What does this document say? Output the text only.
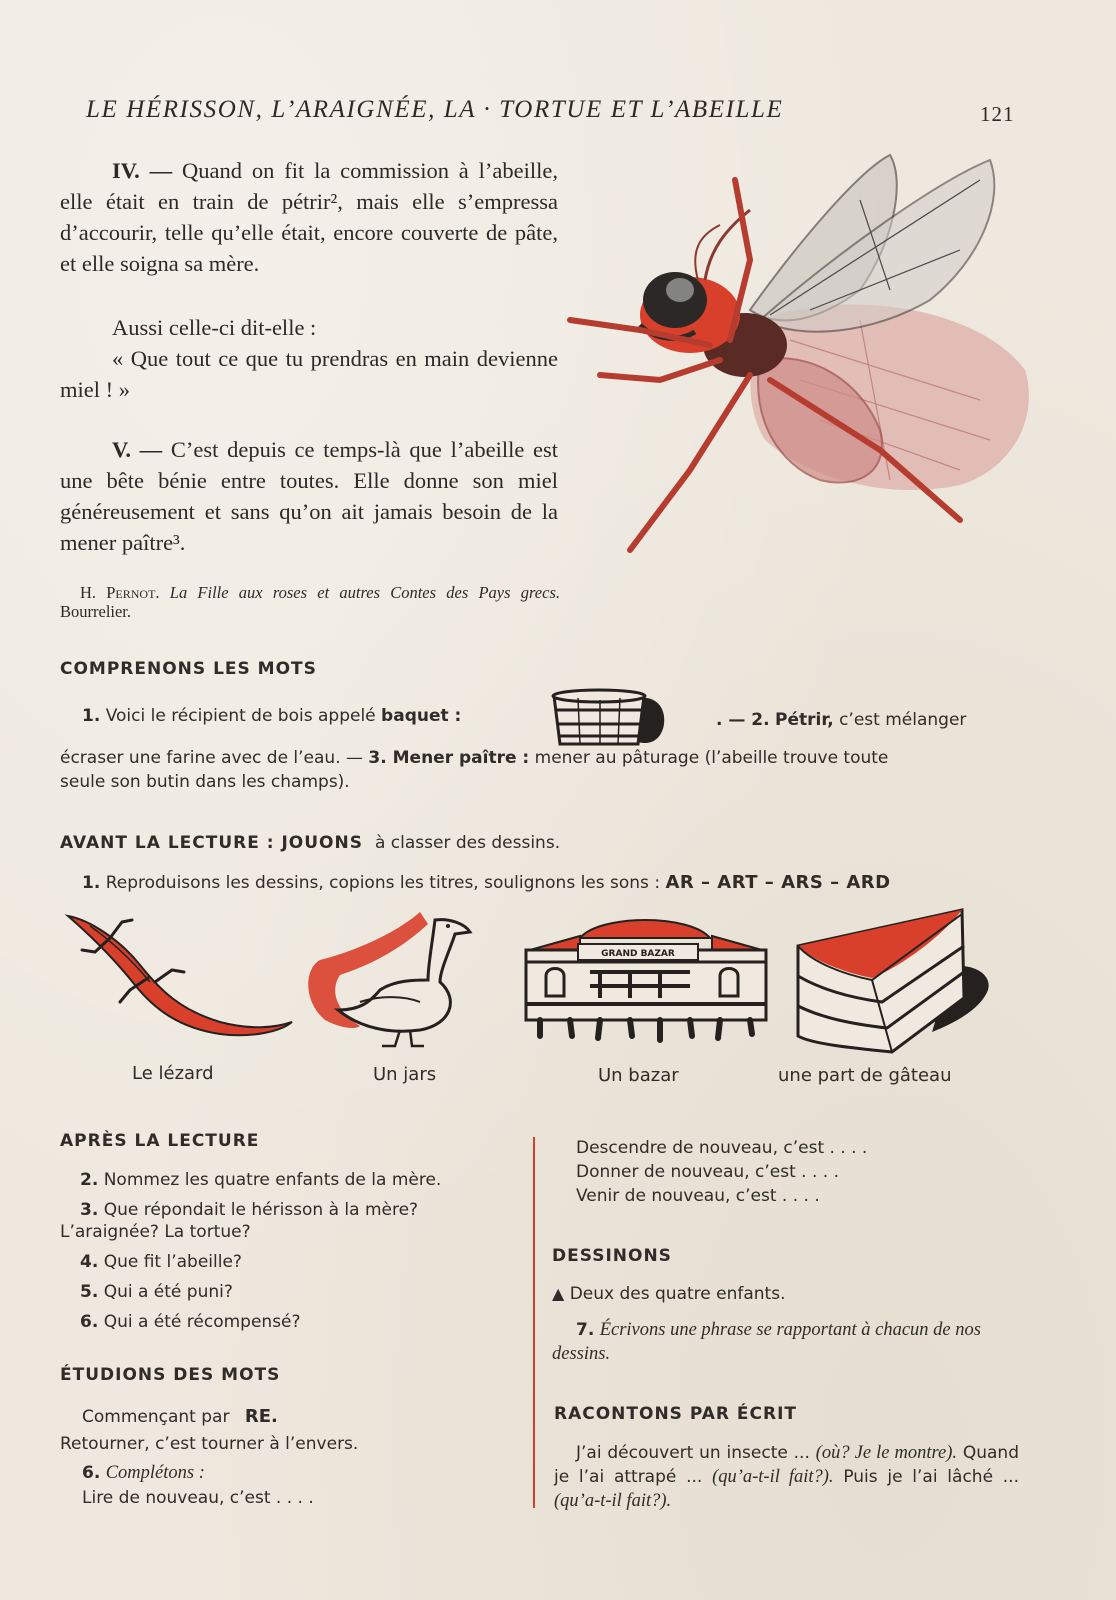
LE HÉRISSON, L’ARAIGNÉE, LA · TORTUE ET L’ABEILLE	121

IV. — Quand on fit la commission à l’abeille, elle était en train de pétrir², mais elle s’empressa d’accourir, telle qu’elle était, encore couverte de pâte, et elle soigna sa mère.

Aussi celle-ci dit-elle :

« Que tout ce que tu prendras en main devienne miel ! »

V. — C’est depuis ce temps-là que l’abeille est une bête bénie entre toutes. Elle donne son miel généreusement et sans qu’on ait jamais besoin de la mener paître³.

H. Pernot. La Fille aux roses et autres Contes des Pays grecs. Bourrelier.
COMPRENONS LES MOTS
1. Voici le récipient de bois appelé baquet :	. — 2. Pétrir, c’est mélanger
écraser une farine avec de l’eau. — 3. Mener paître : mener au pâturage (l’abeille trouve toute
seule son butin dans les champs).
AVANT LA LECTURE : JOUONS à classer des dessins.
1. Reproduisons les dessins, copions les titres, soulignons les sons : AR – ART – ARS – ARD
Le lézard	Un jars
GRAND BAZAR
Un bazar	une part de gâteau
APRÈS LA LECTURE
2. Nommez les quatre enfants de la mère.
3. Que répondait le hérisson à la mère?
L’araignée? La tortue?
4. Que fit l’abeille?
5. Qui a été puni?
6. Qui a été récompensé?
ÉTUDIONS DES MOTS
Commençant par RE.
Retourner, c’est tourner à l’envers.
6. Complétons :
Lire de nouveau, c’est . . . .
Descendre de nouveau, c’est . . . .
Donner de nouveau, c’est . . . .
Venir de nouveau, c’est . . . .
DESSINONS
▲ Deux des quatre enfants.
7. Écrivons une phrase se rapportant à chacun de nos dessins.
RACONTONS PAR ÉCRIT
J’ai découvert un insecte ... (où? Je le montre). Quand je l’ai attrapé ... (qu’a-t-il fait?). Puis je l’ai lâché ... (qu’a-t-il fait?).
